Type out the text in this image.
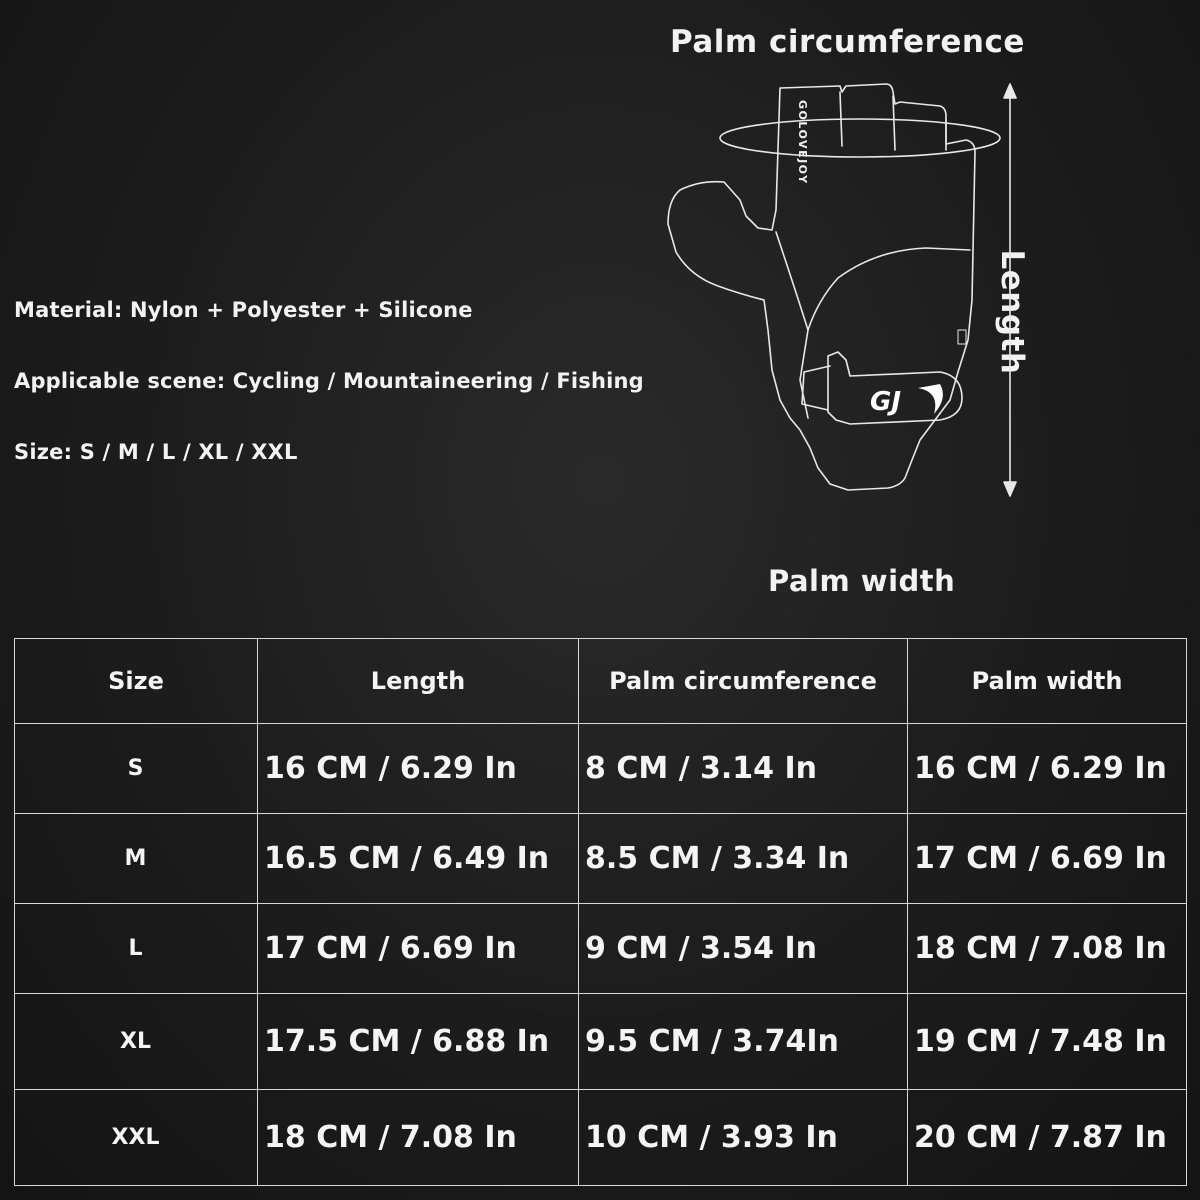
Palm circumference
Length
Palm width
Material: Nylon + Polyester + Silicone
Applicable scene: Cycling / Mountaineering / Fishing
Size: S / M / L / XL / XXL
GOLOVEJOY
GJ
Size	Length	Palm circumference	Palm width
S	16 CM / 6.29 In	8 CM / 3.14 In	16 CM / 6.29 In
M	16.5 CM / 6.49 In	8.5 CM / 3.34 In	17 CM / 6.69 In
L	17 CM / 6.69 In	9 CM / 3.54 In	18 CM / 7.08 In
XL	17.5 CM / 6.88 In	9.5 CM / 3.74In	19 CM / 7.48 In
XXL	18 CM / 7.08 In	10 CM / 3.93 In	20 CM / 7.87 In
